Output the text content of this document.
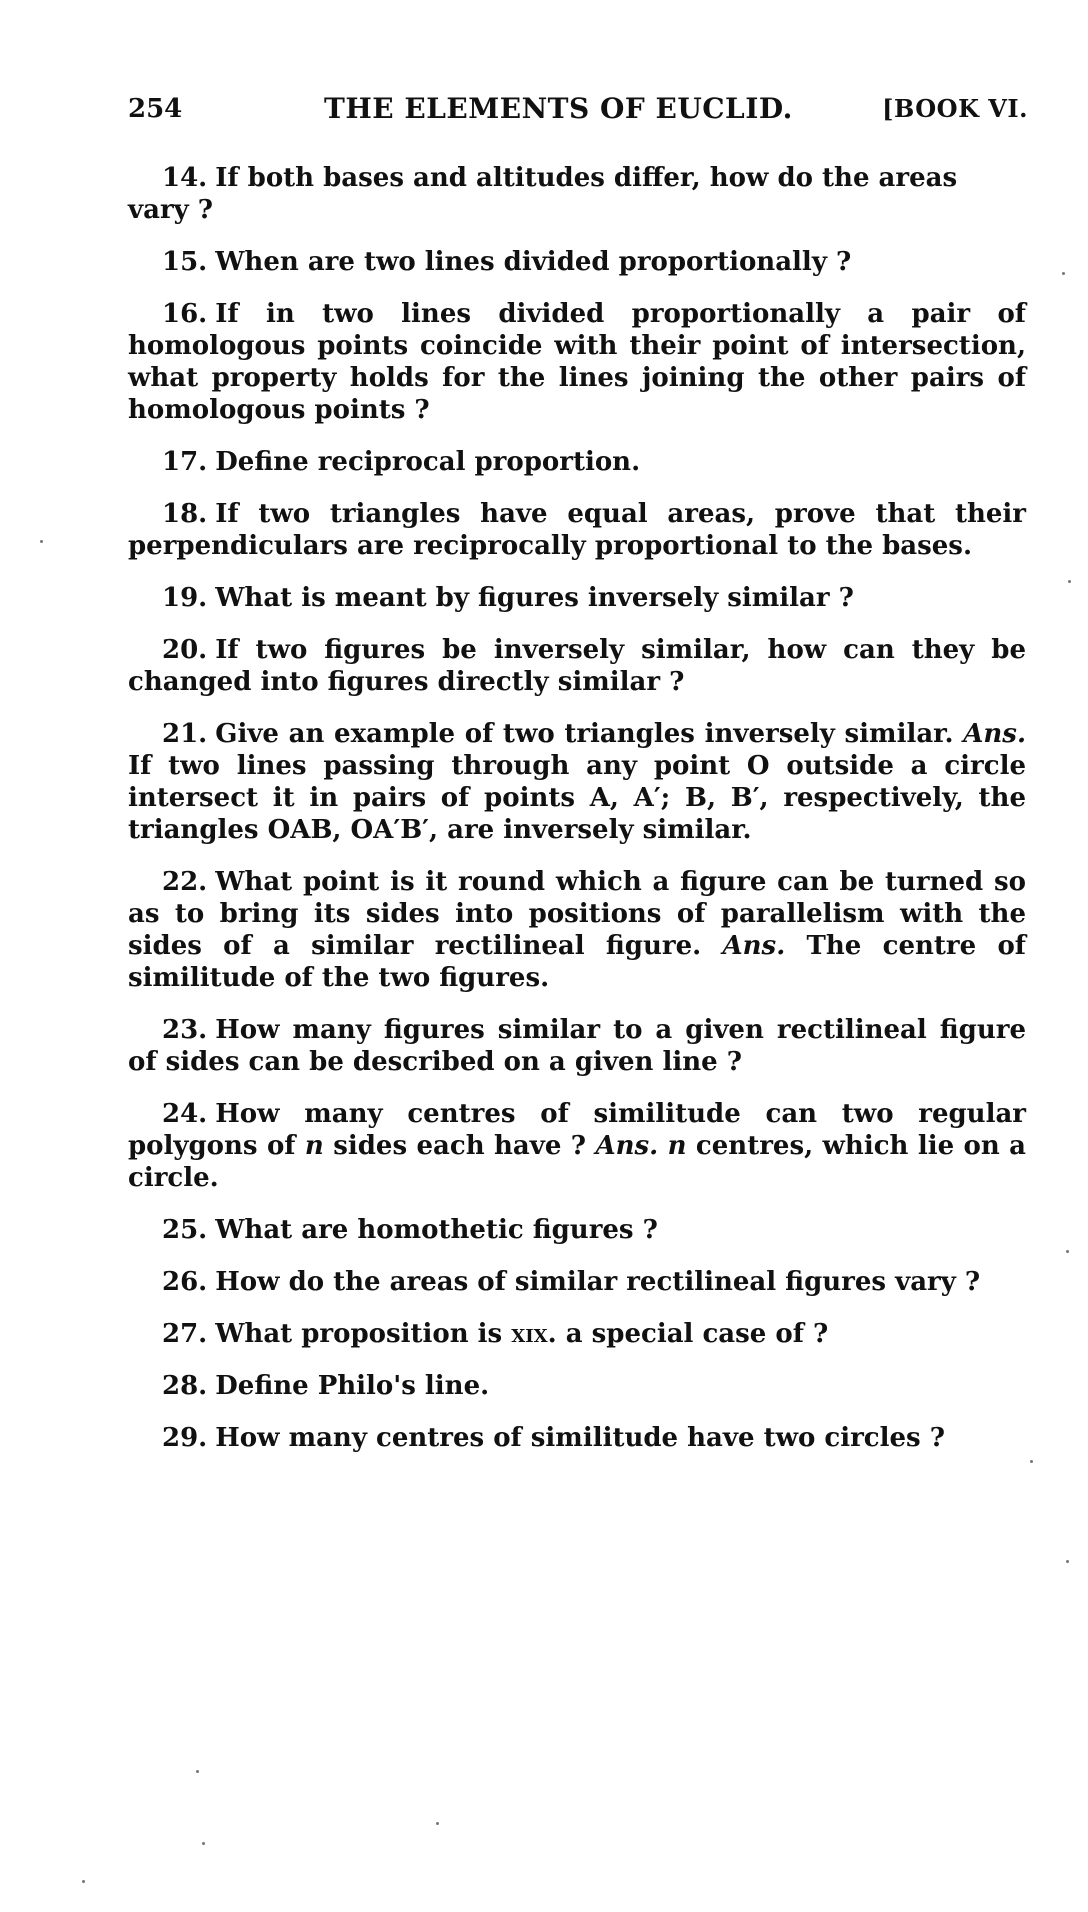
254	THE ELEMENTS OF EUCLID.	[BOOK VI.

14. If both bases and altitudes differ, how do the areas vary ?

15. When are two lines divided proportionally ?

16. If in two lines divided proportionally a pair of homologous points coincide with their point of intersection, what property holds for the lines joining the other pairs of homologous points ?

17. Define reciprocal proportion.

18. If two triangles have equal areas, prove that their perpendiculars are reciprocally proportional to the bases.

19. What is meant by figures inversely similar ?

20. If two figures be inversely similar, how can they be changed into figures directly similar ?

21. Give an example of two triangles inversely similar. Ans. If two lines passing through any point O outside a circle intersect it in pairs of points A, A′; B, B′, respectively, the triangles OAB, OA′B′, are inversely similar.

22. What point is it round which a figure can be turned so as to bring its sides into positions of parallelism with the sides of a similar rectilineal figure. Ans. The centre of similitude of the two figures.

23. How many figures similar to a given rectilineal figure of sides can be described on a given line ?

24. How many centres of similitude can two regular polygons of n sides each have ? Ans. n centres, which lie on a circle.

25. What are homothetic figures ?

26. How do the areas of similar rectilineal figures vary ?

27. What proposition is xix. a special case of ?

28. Define Philo's line.

29. How many centres of similitude have two circles ?
